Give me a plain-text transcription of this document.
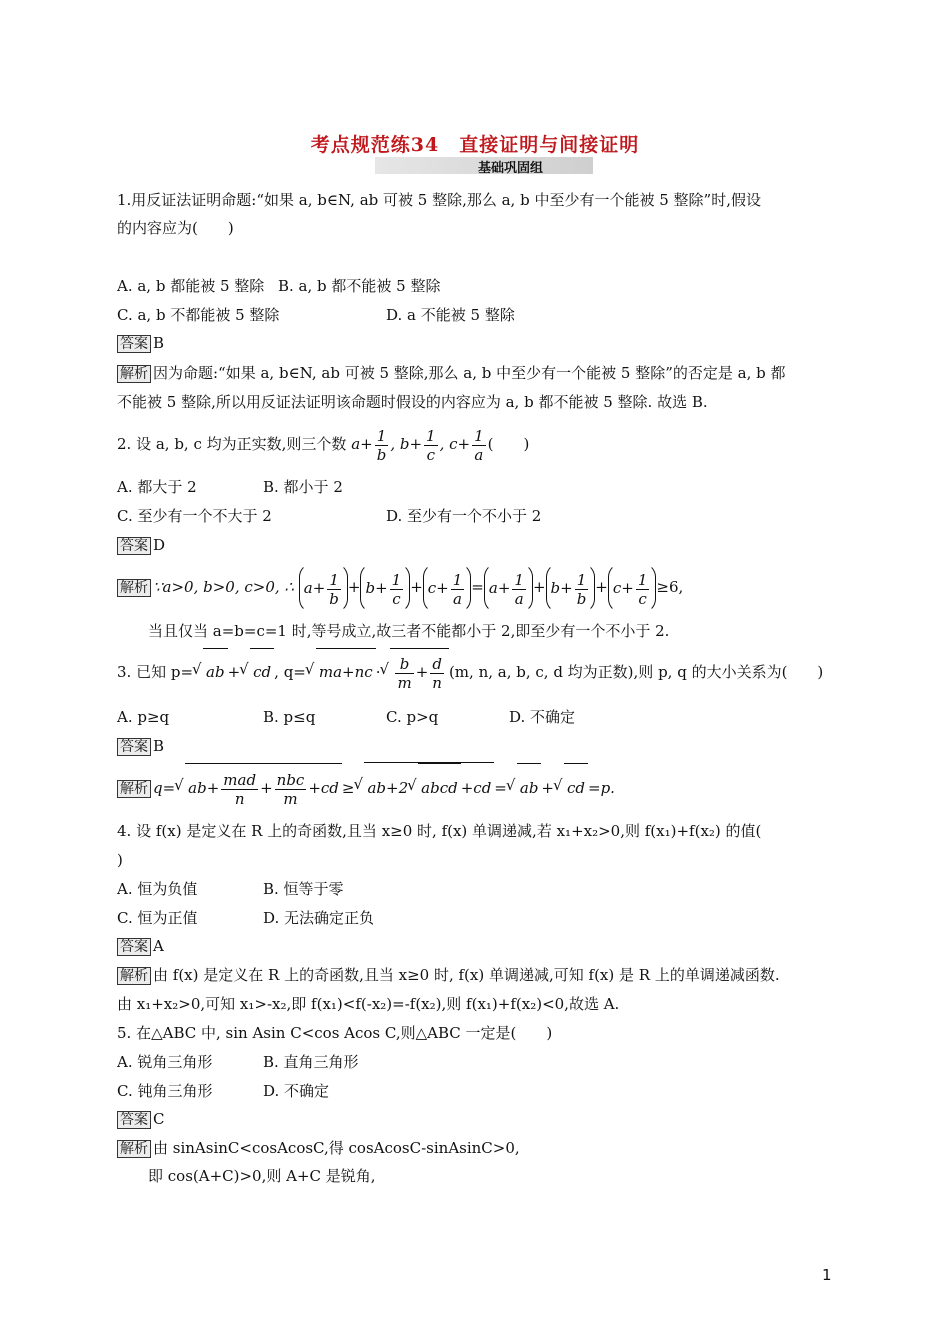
考点规范练34　直接证明与间接证明
基础巩固组
1.用反证法证明命题:“如果 a, b∈N, ab 可被 5 整除,那么 a, b 中至少有一个能被 5 整除”时,假设
的内容应为(　　)
A. a, b 都能被 5 整除 B. a, b 都不能被 5 整除
C. a, b 不都能被 5 整除	D. a 不能被 5 整除
答案 B
解析 因为命题:“如果 a, b∈N, ab 可被 5 整除,那么 a, b 中至少有一个能被 5 整除”的否定是 a, b 都
不能被 5 整除,所以用反证法证明该命题时假设的内容应为 a, b 都不能被 5 整除. 故选 B.
2. 设 a, b, c 均为正实数,则三个数 $a+ \frac{1}{b}$ , $b+ \frac{1}{c}$ , $c+ \frac{1}{a}$ (　　)
A. 都大于 2	B. 都小于 2
C. 至少有一个不大于 2	D. 至少有一个不小于 2
答案 D
解析 ∵a>0, b>0, c>0, ∴ $a+ \frac{1}{b} + b+ \frac{1}{c} + c+ \frac{1}{a} = a+ \frac{1}{a} + b+ \frac{1}{b} + c+ \frac{1}{c} \ge 6$,
当且仅当 a=b=c=1 时,等号成立,故三者不能都小于 2,即至少有一个不小于 2.
3. 已知 p= √ ab + √ cd , q= √ ma+nc · √ $\frac{b}{m} + \frac{d}{n} (m$, n, a, b, c, d 均为正数),则 p, q 的大小关系为(　　)
A. p≥q	B. p≤q	C. p>q	D. 不确定
答案 B
解析 q= √ $ab+ \frac{\text{mad}}{n} + \frac{\text{nbc}}{m} +cd$ ≥ √ ab+2 √ abcd +cd = √ ab + √ cd =p.
4. 设 f(x) 是定义在 R 上的奇函数,且当 x≥0 时, f(x) 单调递减,若 x₁+x₂>0,则 f(x₁)+f(x₂) 的值(
)
A. 恒为负值	B. 恒等于零
C. 恒为正值	D. 无法确定正负
答案 A
解析 由 f(x) 是定义在 R 上的奇函数,且当 x≥0 时, f(x) 单调递减,可知 f(x) 是 R 上的单调递减函数.
由 x₁+x₂>0,可知 x₁>-x₂,即 f(x₁)<f(-x₂)=-f(x₂),则 f(x₁)+f(x₂)<0,故选 A.
5. 在△ABC 中, sin Asin C<cos Acos C,则△ABC 一定是(　　)
A. 锐角三角形	B. 直角三角形
C. 钝角三角形	D. 不确定
答案 C
解析 由 sinAsinC<cosAcosC,得 cosAcosC-sinAsinC>0,
即 cos(A+C)>0,则 A+C 是锐角,
1
